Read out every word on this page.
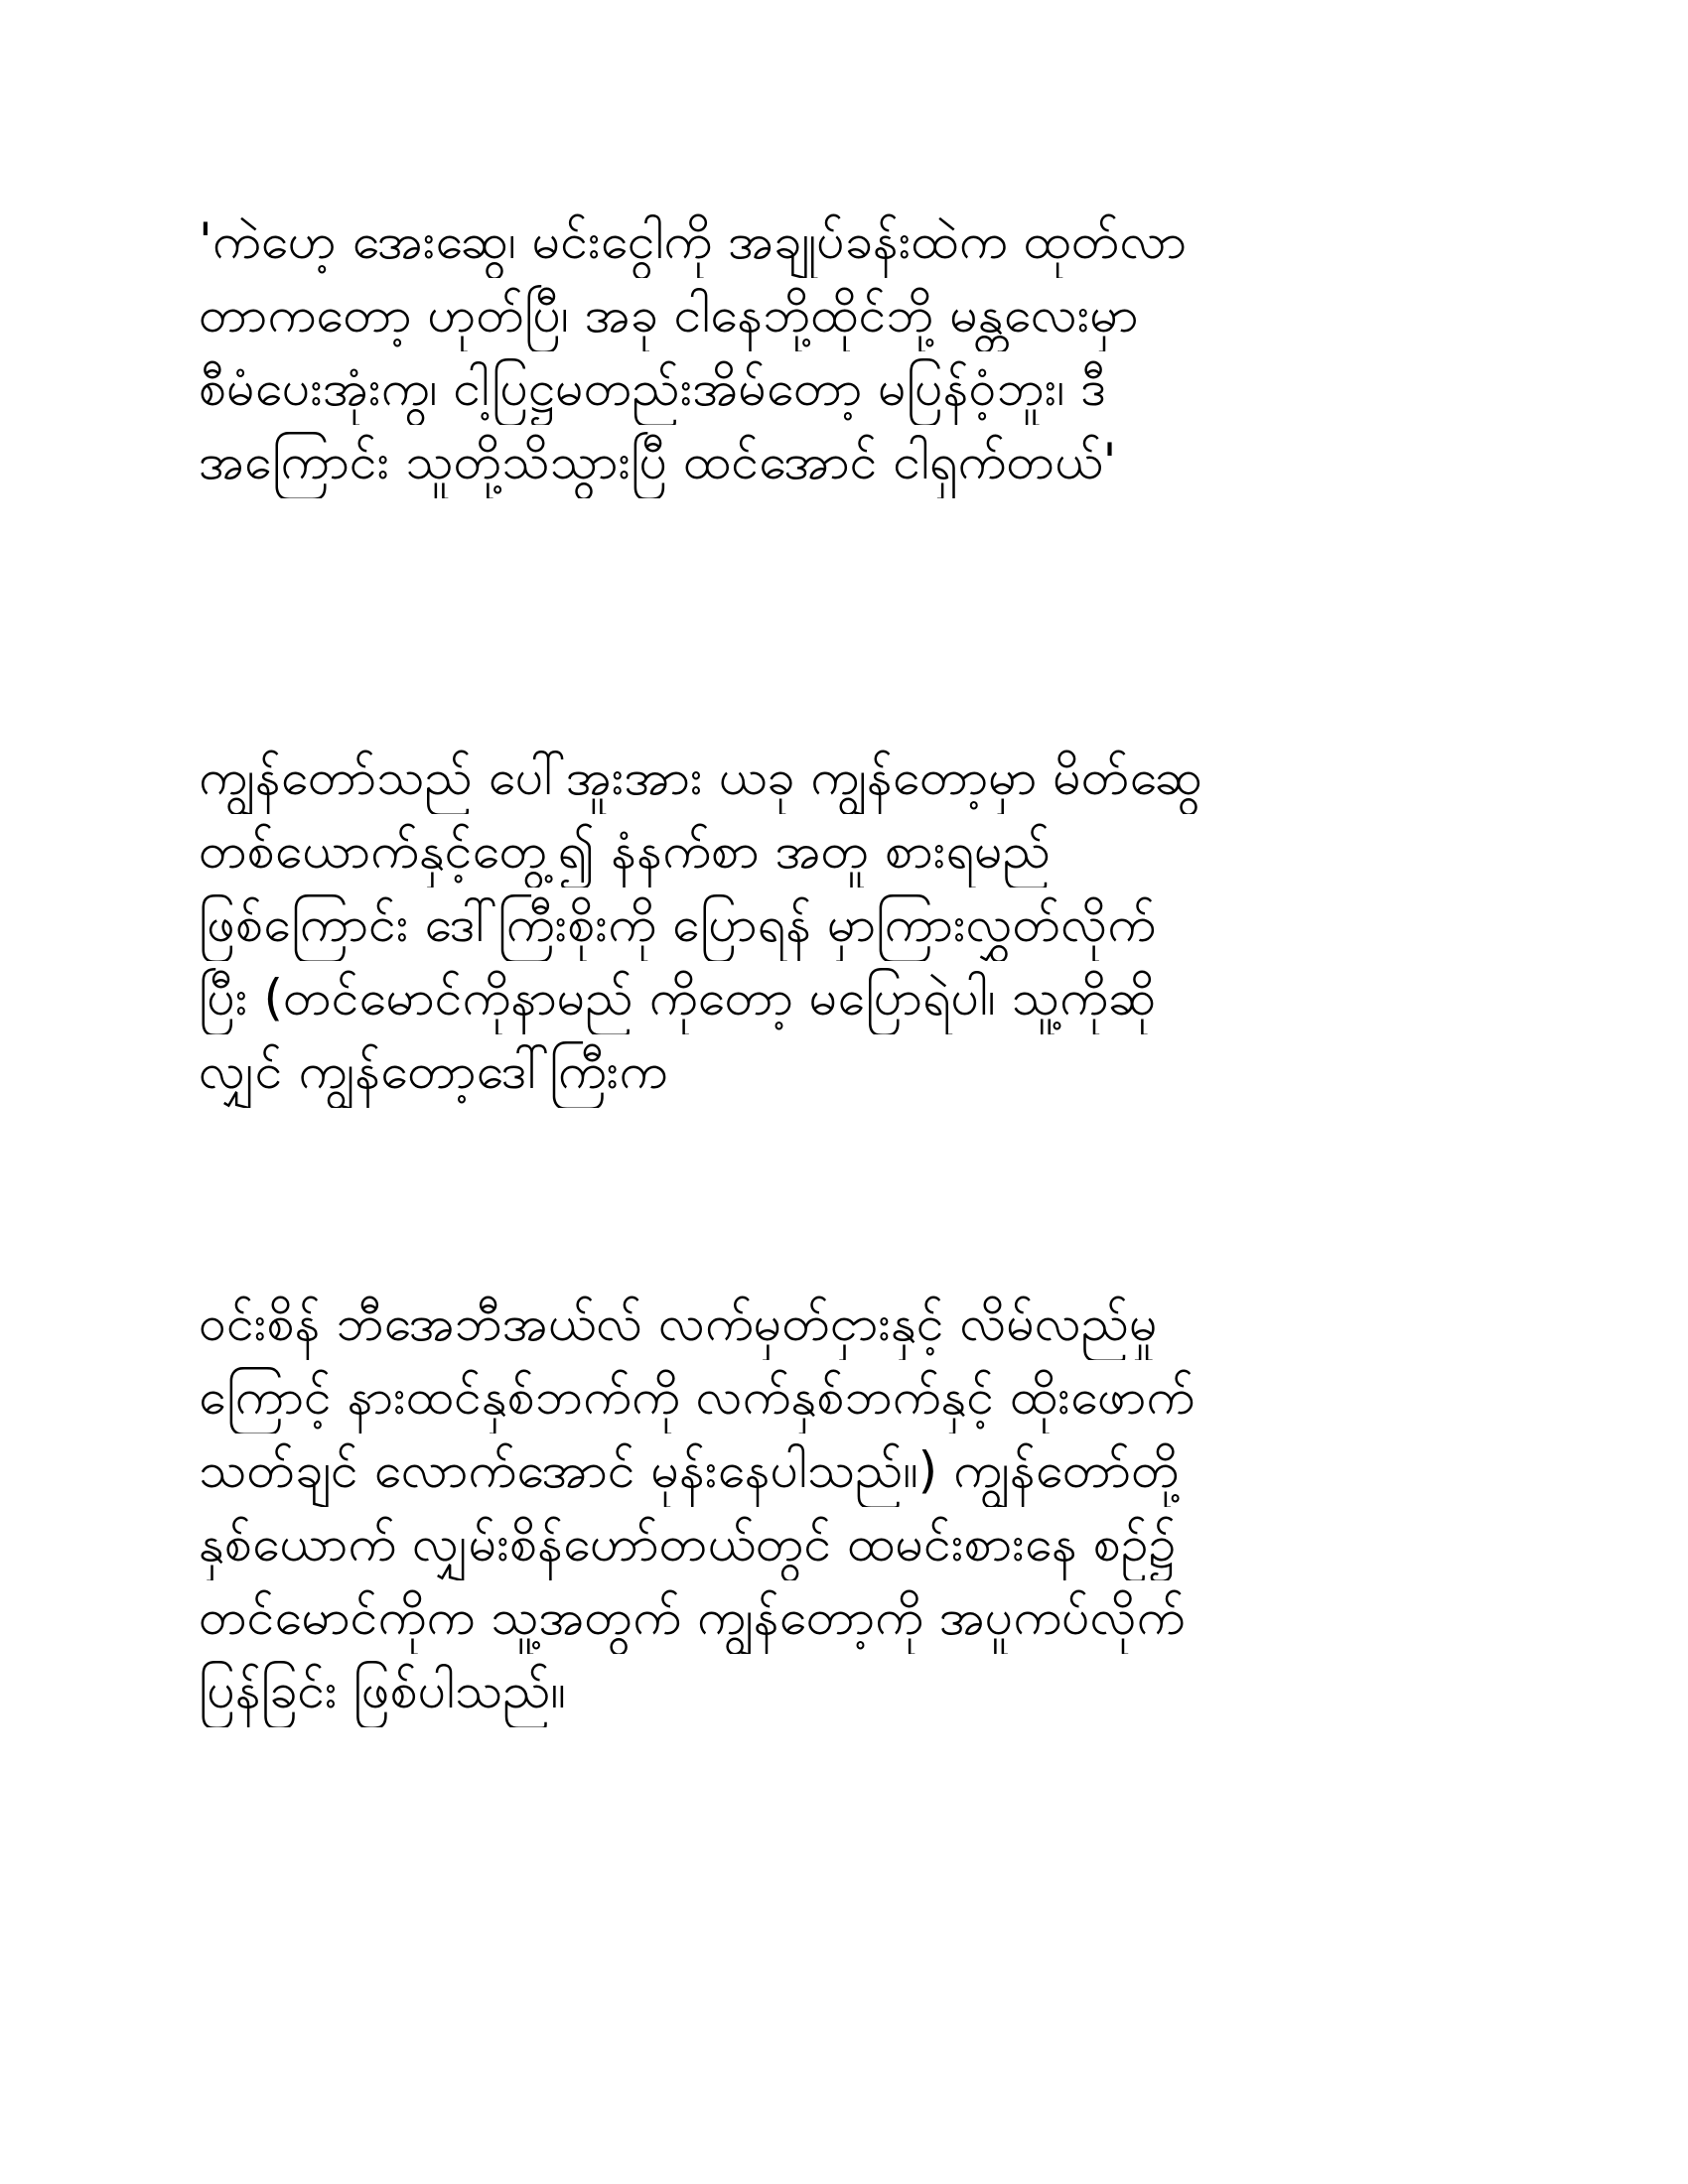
'ကဲဟေ့ အေးဆွေ၊ မင်းငွေါကို အချုပ်ခန်းထဲက ထုတ်လာ
တာကတော့ ဟုတ်ပြီ၊ အခု ငါနေဘို့ထိုင်ဘို့ မန္တလေးမှာ
စီမံပေးအုံးကွ၊ ငါ့ပြဋ္ဌမတည်းအိမ်တော့ မပြန်ဝံ့ဘူး၊ ဒီ
အကြောင်း သူတို့သိသွားပြီ ထင်အောင် ငါရှက်တယ်'
ကျွန်တော်သည် ပေါ်အူးအား ယခု ကျွန်တော့မှာ မိတ်ဆွေ
တစ်ယောက်နှင့်တွေ့၍ နံနက်စာ အတူ စားရမည်
ဖြစ်ကြောင်း ဒေါ်ကြီးစိုးကို ပြောရန် မှာကြားလွှတ်လိုက်
ပြီး (တင်မောင်ကိုနာမည် ကိုတော့ မပြောရဲပါ၊ သူ့ကိုဆို
လျှင် ကျွန်တော့ဒေါ်ကြီးက
ဝင်းစိန် ဘီအေဘီအယ်လ် လက်မှတ်ငှားနှင့် လိမ်လည်မှု
ကြောင့် နားထင်နှစ်ဘက်ကို လက်နှစ်ဘက်နှင့် ထိုးဖောက်
သတ်ချင် လောက်အောင် မုန်းနေပါသည်။) ကျွန်တော်တို့
နှစ်ယောက် လျှမ်းစိန်ဟော်တယ်တွင် ထမင်းစားနေ စဉ်၌
တင်မောင်ကိုက သူ့အတွက် ကျွန်တော့ကို အပူကပ်လိုက်
ပြန်ခြင်း ဖြစ်ပါသည်။
